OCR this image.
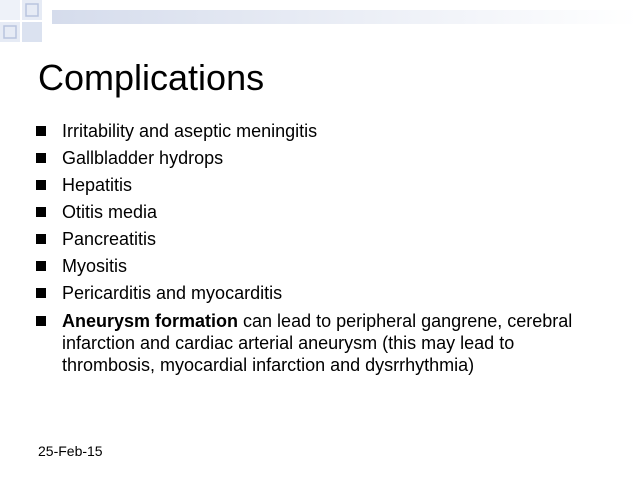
Complications
Irritability and aseptic meningitis
Gallbladder hydrops
Hepatitis
Otitis media
Pancreatitis
Myositis
Pericarditis and myocarditis
Aneurysm formation can lead to peripheral gangrene, cerebral infarction and cardiac arterial aneurysm (this may lead to thrombosis, myocardial infarction and dysrrhythmia)
25-Feb-15
